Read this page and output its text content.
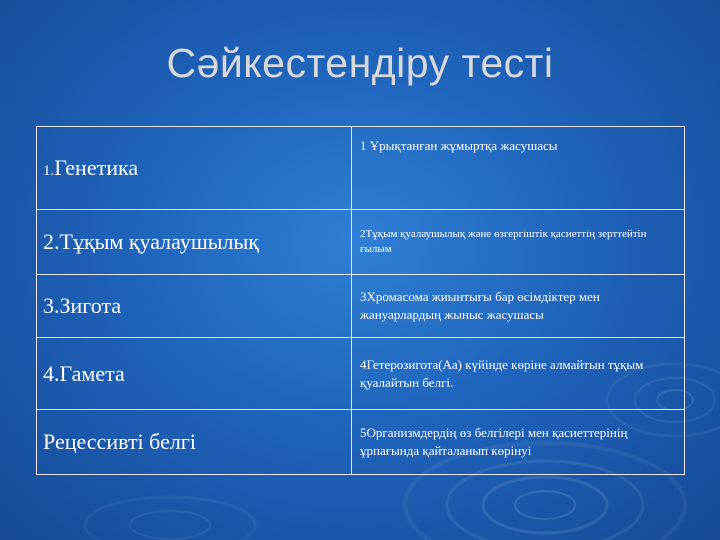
Сәйкестендіру тесті
1.Генетика	1 Ұрықтанған жұмыртқа жасушасы
2.Тұқым қуалаушылық	2Тұқым қуалаушылық және өзгергіштік қасиеттің зерттейтін ғылым
3.Зигота	3Хромасома жиынтығы бар өсімдіктер мен жануарлардың жыныс жасушасы
4.Гамета	4Гетерозигота(Аа) күйінде көріне алмайтын тұқым қуалайтын белгі.
Рецессивті белгі	5Организмдердің өз белгілері мен қасиеттерінің ұрпағында қайталанып көрінуі
